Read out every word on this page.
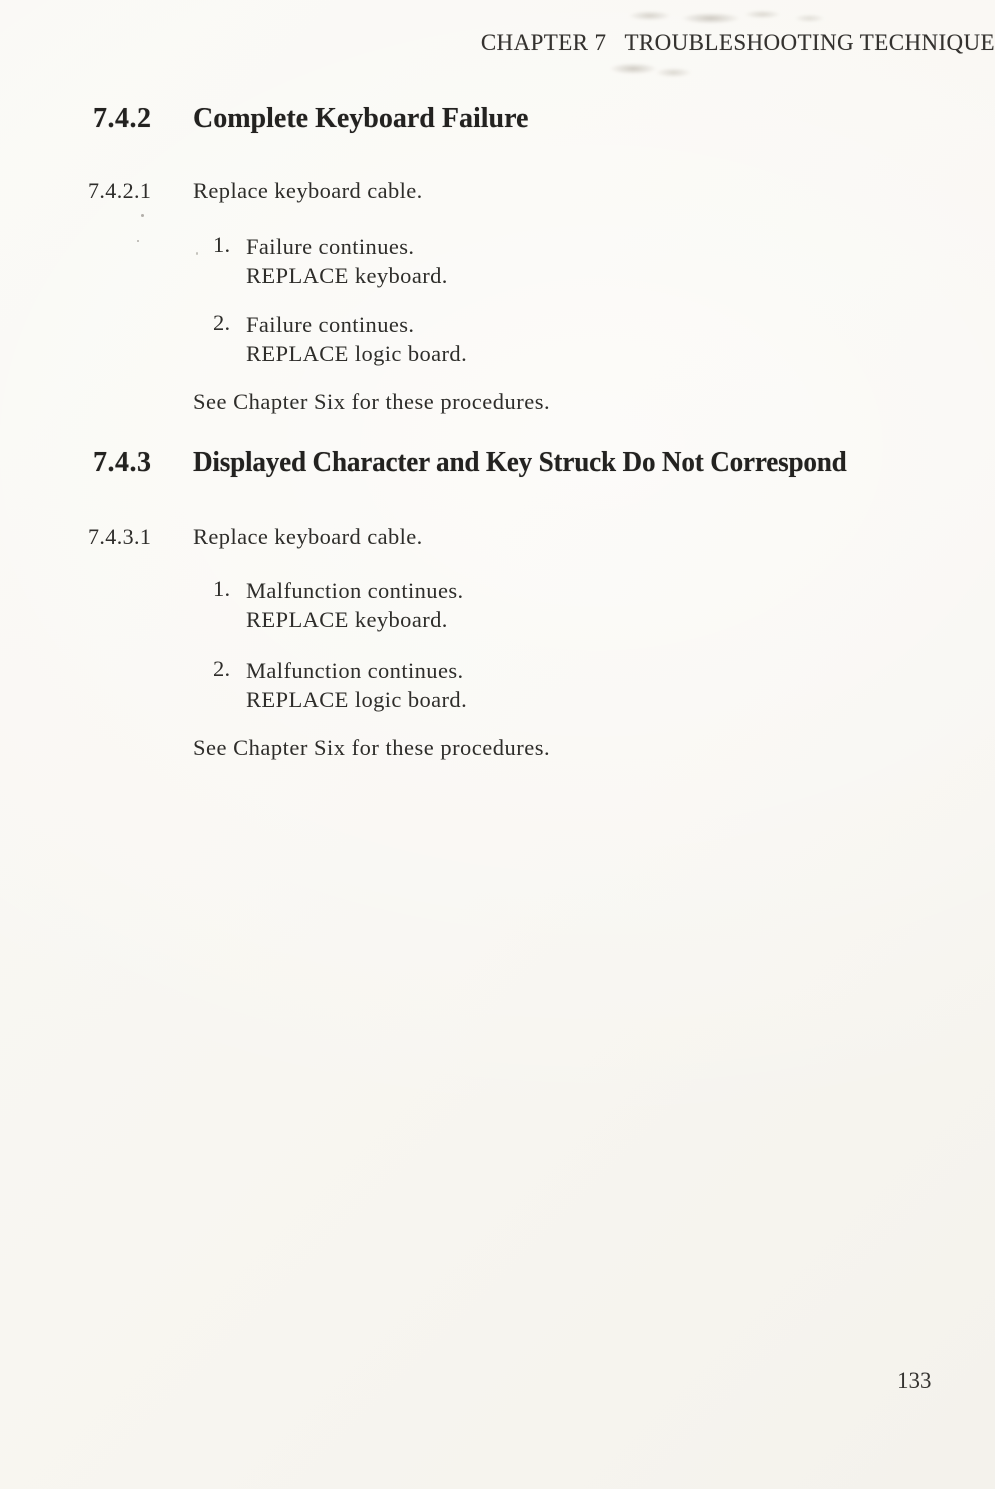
CHAPTER 7 TROUBLESHOOTING TECHNIQUE
7.4.2 Complete Keyboard Failure
7.4.2.1 Replace keyboard cable.
1. Failure continues.
REPLACE keyboard.
2. Failure continues.
REPLACE logic board.
See Chapter Six for these procedures.
7.4.3 Displayed Character and Key Struck Do Not Correspond
7.4.3.1 Replace keyboard cable.
1. Malfunction continues.
REPLACE keyboard.
2. Malfunction continues.
REPLACE logic board.
See Chapter Six for these procedures.
133
